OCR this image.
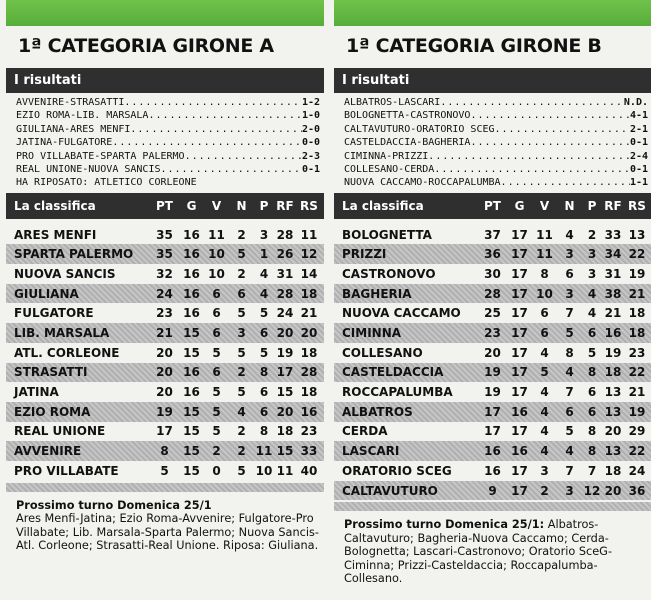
1ª CATEGORIA GIRONE A
I risultati
AVVENIRE-STRASATTI .....	1-2
EZIO ROMA-LIB. MARSALA .....	1-0
GIULIANA-ARES MENFI .....	2-0
JATINA-FULGATORE .....	0-0
PRO VILLABATE-SPARTA PALERMO .....	2-3
REAL UNIONE-NUOVA SANCIS .....	0-1
HA RIPOSATO: ATLETICO CORLEONE
La classifica	PT	G	V	N	P RF RS
ARES MENFI	35 16 11	2	3 28 11
SPARTA PALERMO	35 16 10	5	1 26 12
NUOVA SANCIS	32 16 10	2	4 31 14
GIULIANA	24 16	6	6	4 28 18
FULGATORE	23 16	6	5	5 24 21
LIB. MARSALA	21 15	6	3	6 20 20
ATL. CORLEONE	20 15	5	5	5 19 18
STRASATTI	20 16	6	2	8 17 28
JATINA	20 16	5	5	6 15 18
EZIO ROMA	19 15	5	4	6 20 16
REAL UNIONE	17 15	5	2	8 18 23
AVVENIRE	8	15	2	2 11 15 33
PRO VILLABATE	5	15	0	5 10 11 40
Prossimo turno Domenica 25/1
Ares Menfi-Jatina; Ezio Roma-Avvenire; Fulgatore-Pro Villabate; Lib. Marsala-Sparta Palermo; Nuova Sancis-Atl. Corleone; Strasatti-Real Unione. Riposa: Giuliana.
1ª CATEGORIA GIRONE B
I risultati
ALBATROS-LASCARI .....	N.D.
BOLOGNETTA-CASTRONOVO .....	4-1
CALTAVUTURO-ORATORIO SCEG .....	2-1
CASTELDACCIA-BAGHERIA .....	0-1
CIMINNA-PRIZZI .....	2-4
COLLESANO-CERDA .....	0-1
NUOVA CACCAMO-ROCCAPALUMBA .....	1-1
La classifica	PT	G	V	N	P RF RS
BOLOGNETTA	37 17 11	4	2 33 13
PRIZZI	36 17 11	3	3 34 22
CASTRONOVO	30 17	8	6	3 31 19
BAGHERIA	28 17 10	3	4 38 21
NUOVA CACCAMO	25 17	6	7	4 21 18
CIMINNA	23 17	6	5	6 16 18
COLLESANO	20 17	4	8	5 19 23
CASTELDACCIA	19 17	5	4	8 18 22
ROCCAPALUMBA	19 17	4	7	6 13 21
ALBATROS	17 16	4	6	6 13 19
CERDA	17 17	4	5	8 20 29
LASCARI	16 16	4	4	8 13 22
ORATORIO SCEG	16 17	3	7	7 18 24
CALTAVUTURO	9	17	2	3 12 20 36
Prossimo turno Domenica 25/1: Albatros-Caltavuturo; Bagheria-Nuova Caccamo; Cerda-Bolognetta; Lascari-Castronovo; Oratorio SceG-Ciminna; Prizzi-Casteldaccia; Roccapalumba-Collesano.
